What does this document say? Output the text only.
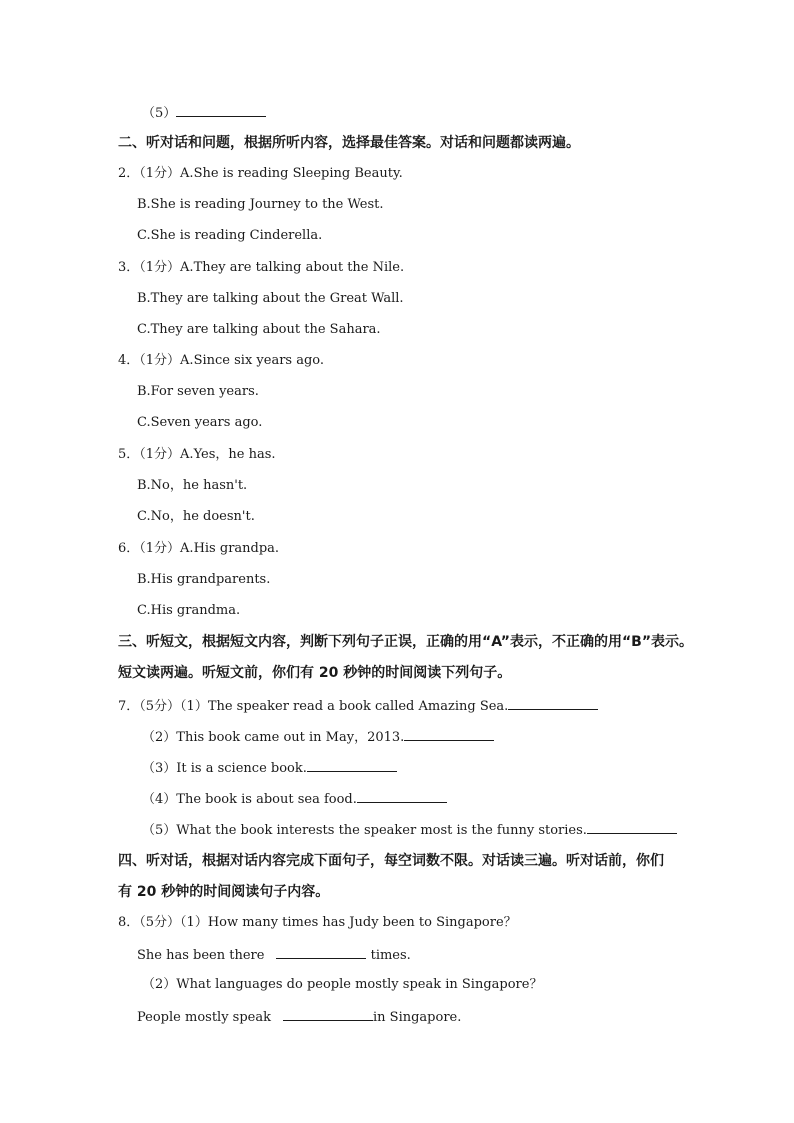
（5）
二、听对话和问题，根据所听内容，选择最佳答案。对话和问题都读两遍。
2．（1分）A.She is reading Sleeping Beauty.
B.She is reading Journey to the West.
C.She is reading Cinderella.
3．（1分）A.They are talking about the Nile.
B.They are talking about the Great Wall.
C.They are talking about the Sahara.
4．（1分）A.Since six years ago.
B.For seven years.
C.Seven years ago.
5．（1分）A.Yes，he has.
B.No，he hasn't.
C.No，he doesn't.
6．（1分）A.His grandpa.
B.His grandparents.
C.His grandma.
三、听短文，根据短文内容，判断下列句子正误，正确的用“A”表示，不正确的用“B”表示。
短文读两遍。听短文前，你们有 20 秒钟的时间阅读下列句子。
7．（5分）（1）The speaker read a book called Amazing Sea.
（2）This book came out in May，2013.
（3）It is a science book.
（4）The book is about sea food.
（5）What the book interests the speaker most is the funny stories.
四、听对话，根据对话内容完成下面句子，每空词数不限。对话读三遍。听对话前，你们
有 20 秒钟的时间阅读句子内容。
8．（5分）（1）How many times has Judy been to Singapore？
She has been there	times.
（2）What languages do people mostly speak in Singapore？
People mostly speak	in Singapore.
